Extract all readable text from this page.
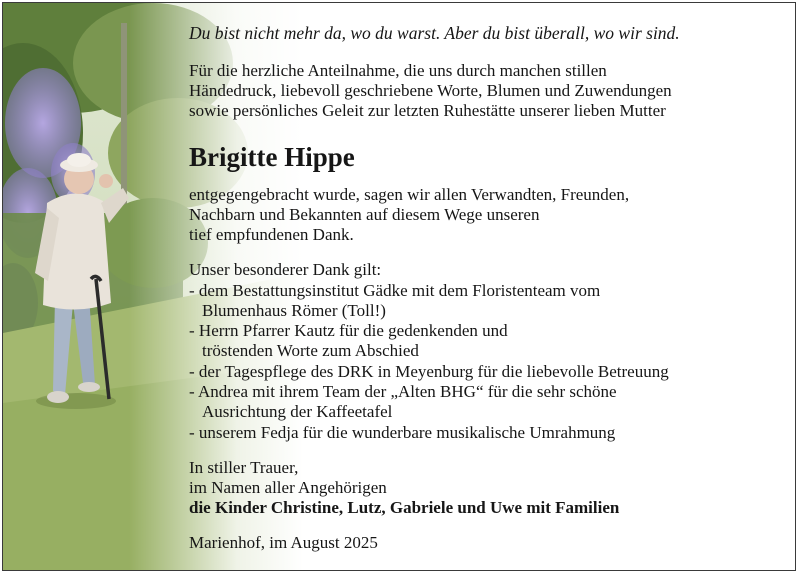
Du bist nicht mehr da, wo du warst. Aber du bist überall, wo wir sind.
Für die herzliche Anteilnahme, die uns durch manchen stillen
Händedruck, liebevoll geschriebene Worte, Blumen und Zuwendungen
sowie persönliches Geleit zur letzten Ruhestätte unserer lieben Mutter
Brigitte Hippe
entgegengebracht wurde, sagen wir allen Verwandten, Freunden,
Nachbarn und Bekannten auf diesem Wege unseren
tief empfundenen Dank.
Unser besonderer Dank gilt:
- dem Bestattungsinstitut Gädke mit dem Floristenteam vom
Blumenhaus Römer (Toll!)
- Herrn Pfarrer Kautz für die gedenkenden und
tröstenden Worte zum Abschied
- der Tagespflege des DRK in Meyenburg für die liebevolle Betreuung
- Andrea mit ihrem Team der „Alten BHG“ für die sehr schöne
Ausrichtung der Kaffeetafel
- unserem Fedja für die wunderbare musikalische Umrahmung
In stiller Trauer,
im Namen aller Angehörigen
die Kinder Christine, Lutz, Gabriele und Uwe mit Familien
Marienhof, im August 2025
